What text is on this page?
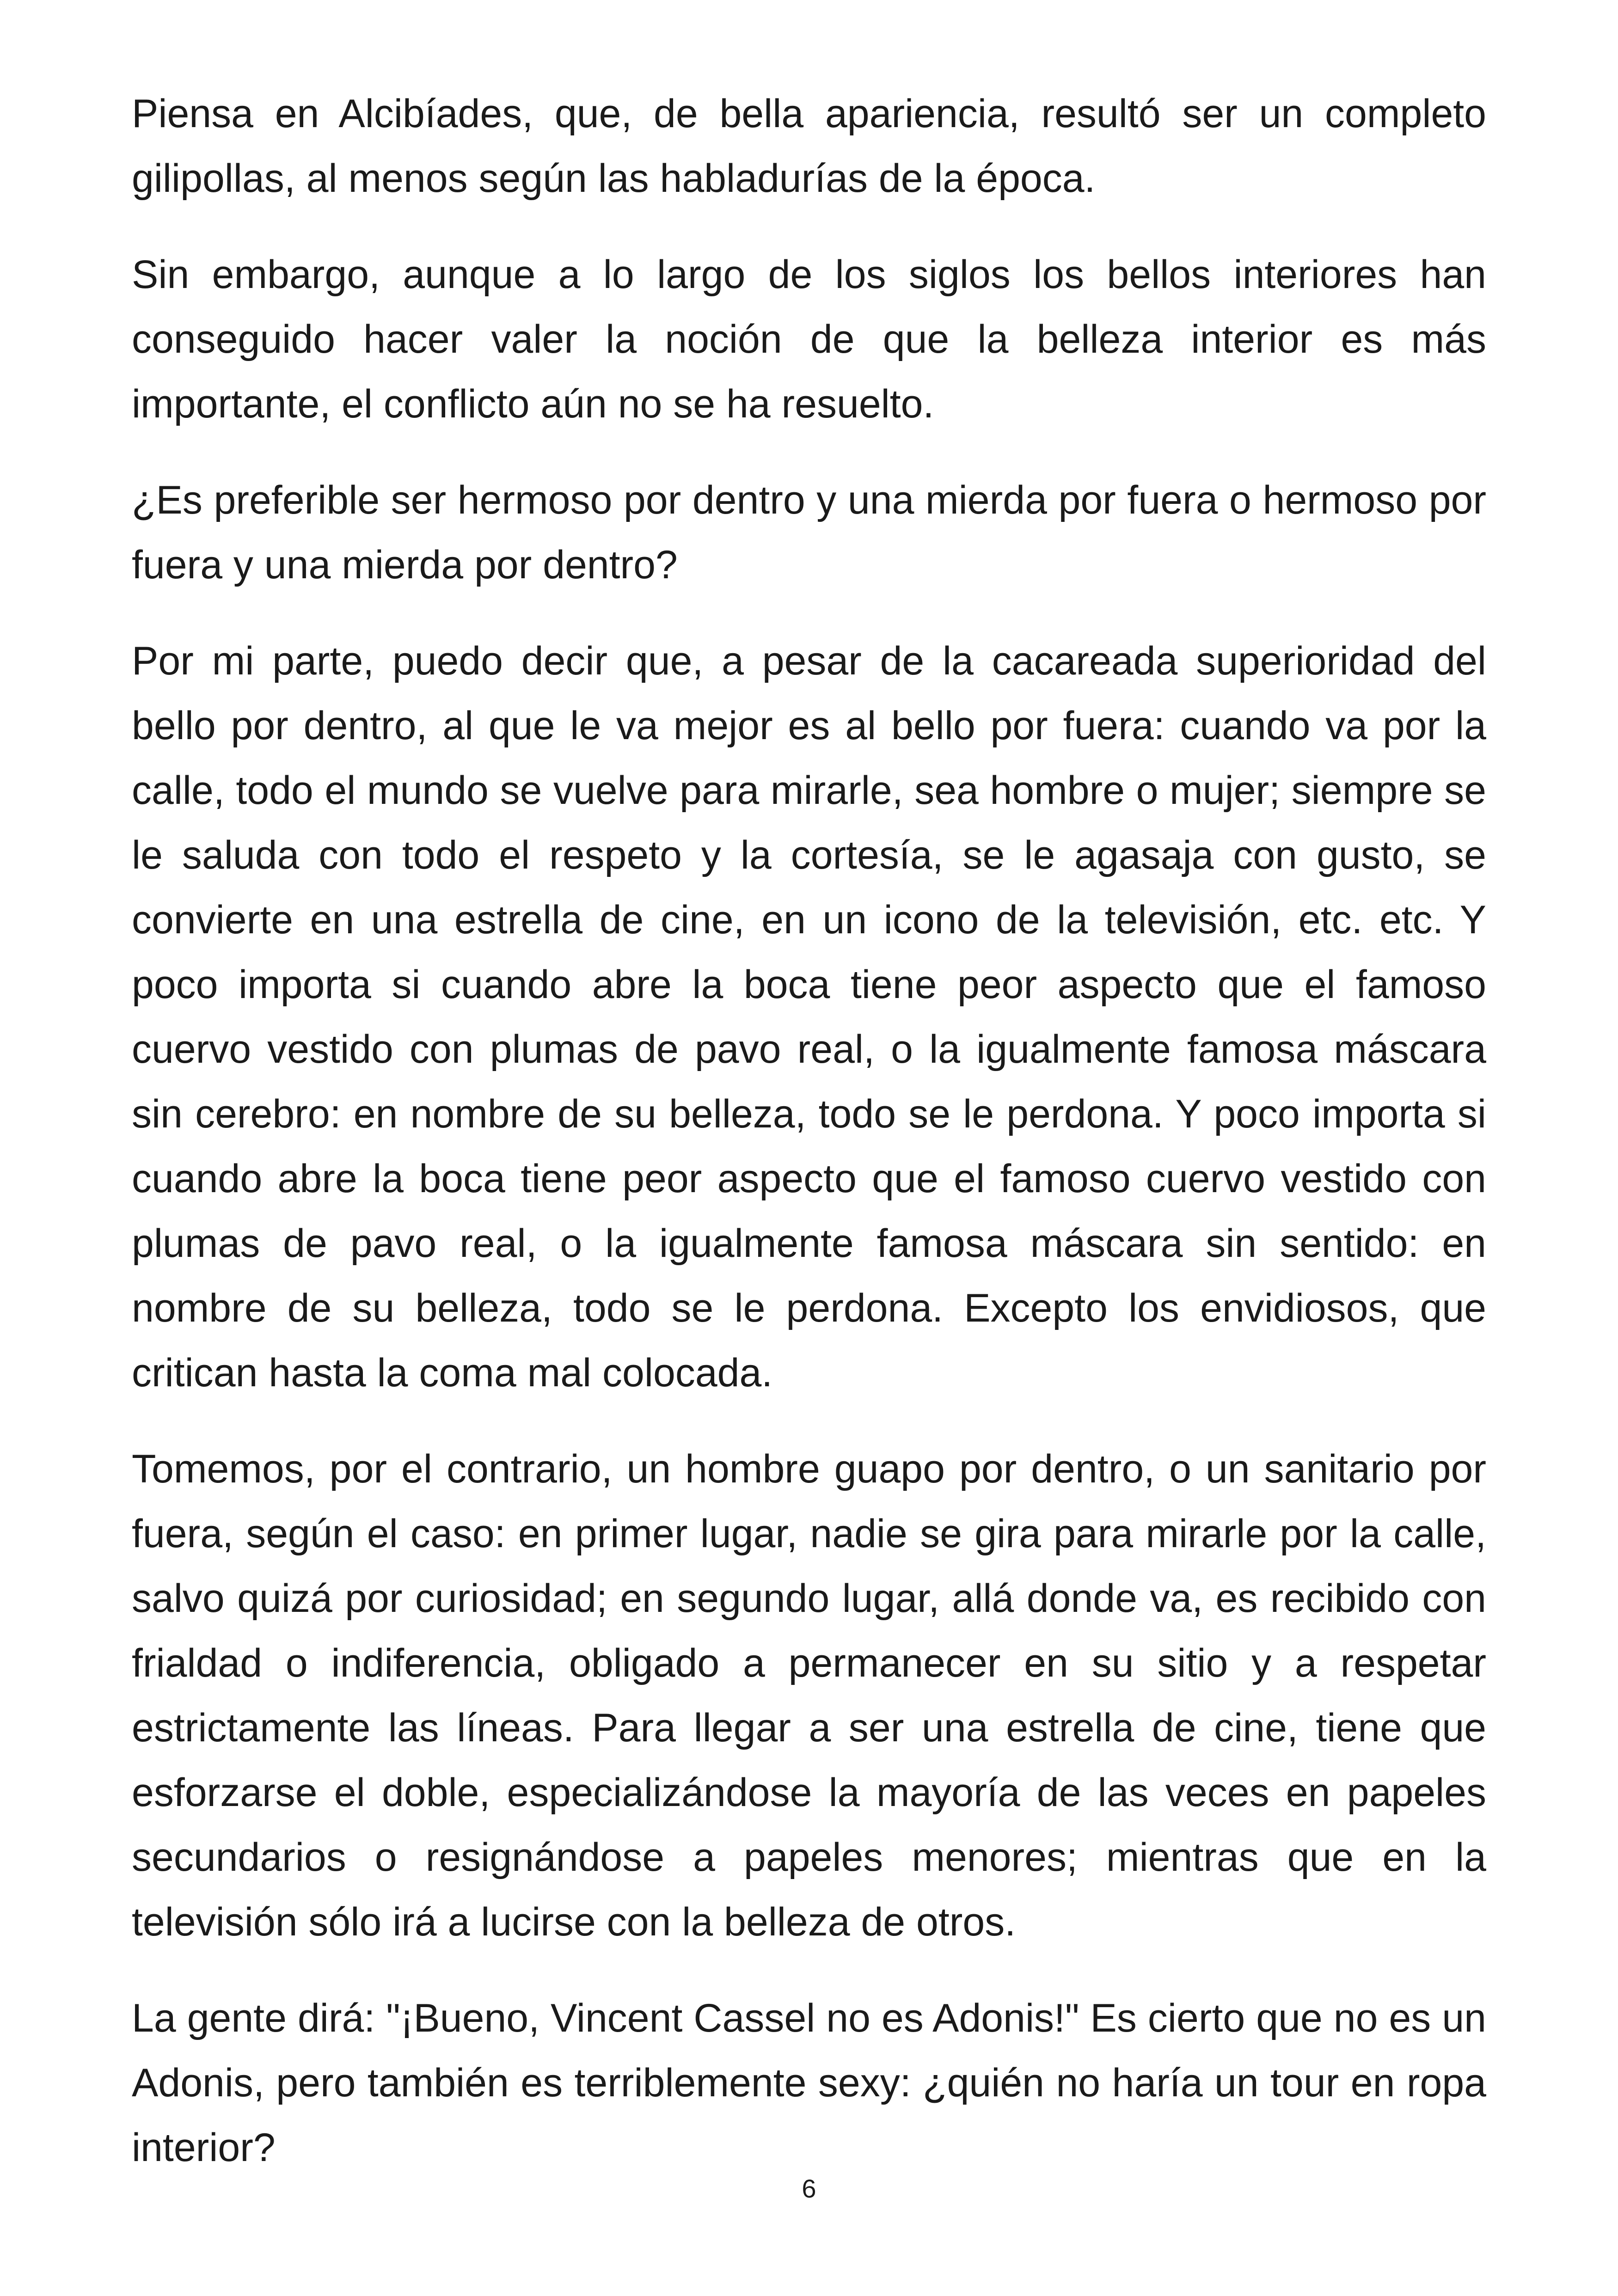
Piensa en Alcibíades, que, de bella apariencia, resultó ser un completo gilipollas, al menos según las habladurías de la época.

Sin embargo, aunque a lo largo de los siglos los bellos interiores han conseguido hacer valer la noción de que la belleza interior es más importante, el conflicto aún no se ha resuelto.

¿Es preferible ser hermoso por dentro y una mierda por fuera o hermoso por fuera y una mierda por dentro?

Por mi parte, puedo decir que, a pesar de la cacareada superioridad del bello por dentro, al que le va mejor es al bello por fuera: cuando va por la calle, todo el mundo se vuelve para mirarle, sea hombre o mujer; siempre se le saluda con todo el respeto y la cortesía, se le agasaja con gusto, se convierte en una estrella de cine, en un icono de la televisión, etc. etc. Y poco importa si cuando abre la boca tiene peor aspecto que el famoso cuervo vestido con plumas de pavo real, o la igualmente famosa máscara sin cerebro: en nombre de su belleza, todo se le perdona. Y poco importa si cuando abre la boca tiene peor aspecto que el famoso cuervo vestido con plumas de pavo real, o la igualmente famosa máscara sin sentido: en nombre de su belleza, todo se le perdona. Excepto los envidiosos, que critican hasta la coma mal colocada.

Tomemos, por el contrario, un hombre guapo por dentro, o un sanitario por fuera, según el caso: en primer lugar, nadie se gira para mirarle por la calle, salvo quizá por curiosidad; en segundo lugar, allá donde va, es recibido con frialdad o indiferencia, obligado a permanecer en su sitio y a respetar estrictamente las líneas. Para llegar a ser una estrella de cine, tiene que esforzarse el doble, especializándose la mayoría de las veces en papeles secundarios o resignándose a papeles menores; mientras que en la televisión sólo irá a lucirse con la belleza de otros.

La gente dirá: "¡Bueno, Vincent Cassel no es Adonis!" Es cierto que no es un Adonis, pero también es terriblemente sexy: ¿quién no haría un tour en ropa interior?

6
